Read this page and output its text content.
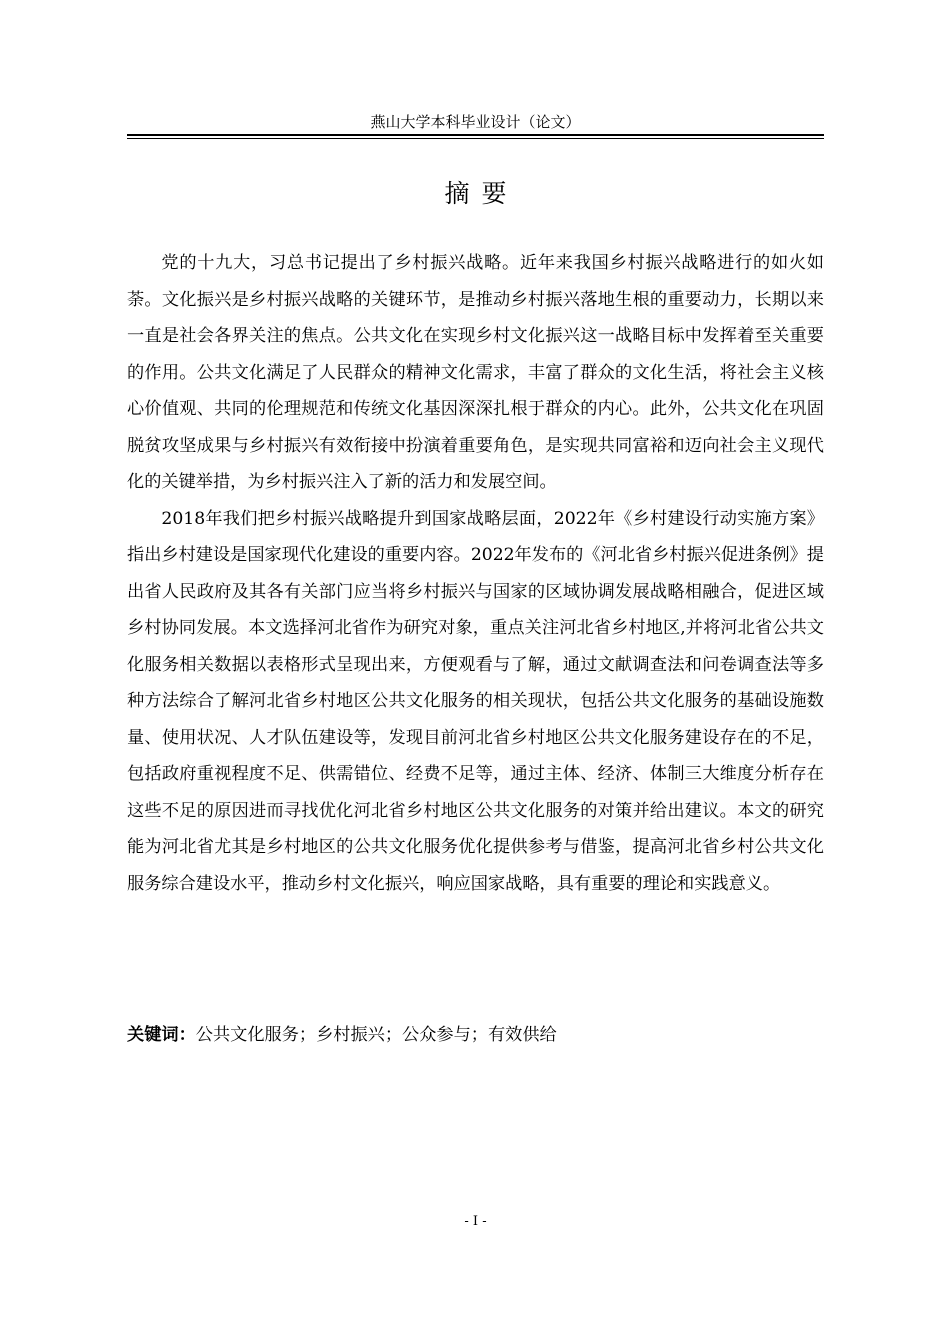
燕山大学本科毕业设计（论文）
摘要

党的十九大，习总书记提出了乡村振兴战略。近年来我国乡村振兴战略进行的如火如荼。文化振兴是乡村振兴战略的关键环节，是推动乡村振兴落地生根的重要动力，长期以来一直是社会各界关注的焦点。公共文化在实现乡村文化振兴这一战略目标中发挥着至关重要的作用。公共文化满足了人民群众的精神文化需求，丰富了群众的文化生活，将社会主义核心价值观、共同的伦理规范和传统文化基因深深扎根于群众的内心。此外，公共文化在巩固脱贫攻坚成果与乡村振兴有效衔接中扮演着重要角色，是实现共同富裕和迈向社会主义现代化的关键举措，为乡村振兴注入了新的活力和发展空间。

2018年我们把乡村振兴战略提升到国家战略层面，2022年《乡村建设行动实施方案》指出乡村建设是国家现代化建设的重要内容。2022年发布的《河北省乡村振兴促进条例》提出省人民政府及其各有关部门应当将乡村振兴与国家的区域协调发展战略相融合，促进区域乡村协同发展。本文选择河北省作为研究对象，重点关注河北省乡村地区,并将河北省公共文化服务相关数据以表格形式呈现出来，方便观看与了解，通过文献调查法和问卷调查法等多种方法综合了解河北省乡村地区公共文化服务的相关现状，包括公共文化服务的基础设施数量、使用状况、人才队伍建设等，发现目前河北省乡村地区公共文化服务建设存在的不足，包括政府重视程度不足、供需错位、经费不足等，通过主体、经济、体制三大维度分析存在这些不足的原因进而寻找优化河北省乡村地区公共文化服务的对策并给出建议。本文的研究能为河北省尤其是乡村地区的公共文化服务优化提供参考与借鉴，提高河北省乡村公共文化服务综合建设水平，推动乡村文化振兴，响应国家战略，具有重要的理论和实践意义。

关键词：公共文化服务；乡村振兴；公众参与；有效供给
- I -
